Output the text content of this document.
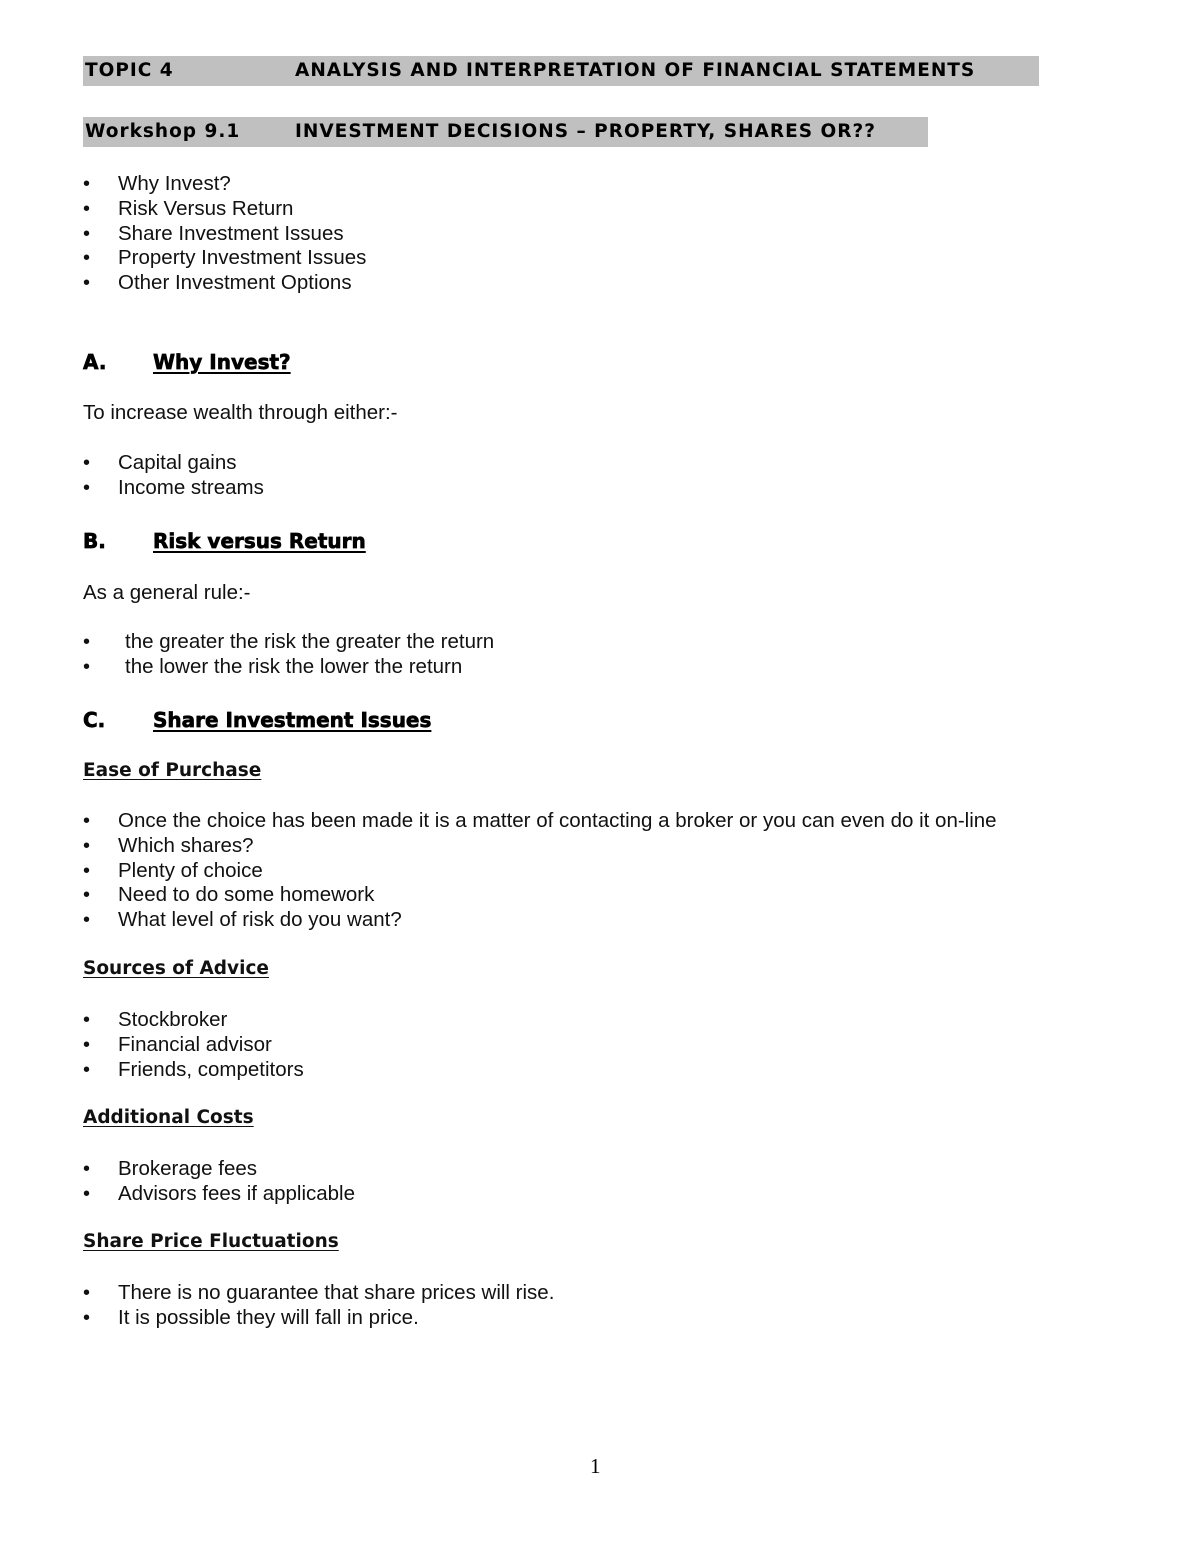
TOPIC 4	ANALYSIS AND INTERPRETATION OF FINANCIAL STATEMENTS
Workshop 9.1	INVESTMENT DECISIONS – PROPERTY, SHARES OR??
• Why Invest?
• Risk Versus Return
• Share Investment Issues
• Property Investment Issues
• Other Investment Options
A. Why Invest?
To increase wealth through either:-
• Capital gains
• Income streams
B. Risk versus Return
As a general rule:-
• the greater the risk the greater the return
• the lower the risk the lower the return
C. Share Investment Issues
Ease of Purchase
• Once the choice has been made it is a matter of contacting a broker or you can even do it on-line
• Which shares?
• Plenty of choice
• Need to do some homework
• What level of risk do you want?
Sources of Advice
• Stockbroker
• Financial advisor
• Friends, competitors
Additional Costs
• Brokerage fees
• Advisors fees if applicable
Share Price Fluctuations
• There is no guarantee that share prices will rise.
• It is possible they will fall in price.
1
